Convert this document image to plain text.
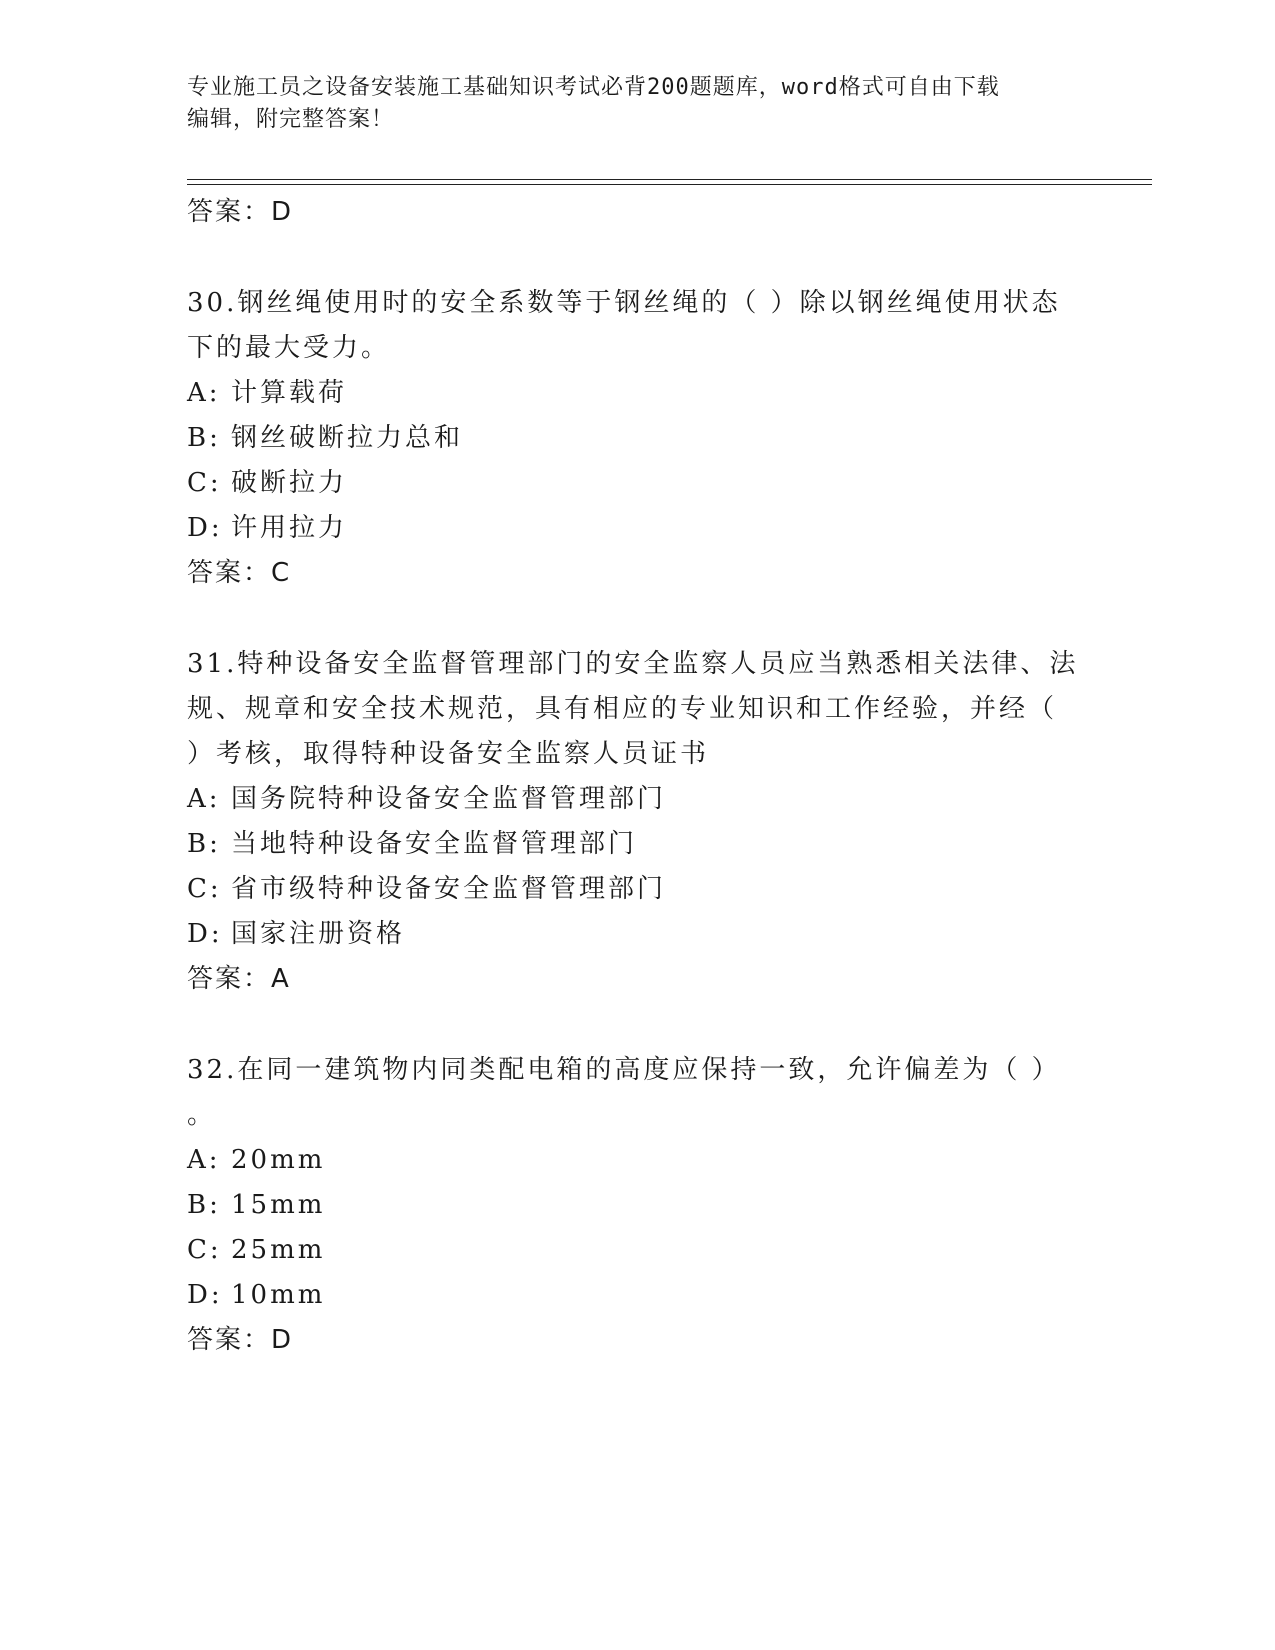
专业施工员之设备安装施工基础知识考试必背200题题库，word格式可自由下载
编辑，附完整答案！
答案：D
30.钢丝绳使用时的安全系数等于钢丝绳的（ ）除以钢丝绳使用状态
下的最大受力。
A: 计算载荷
B: 钢丝破断拉力总和
C: 破断拉力
D: 许用拉力
答案：C
31.特种设备安全监督管理部门的安全监察人员应当熟悉相关法律、法
规、规章和安全技术规范，具有相应的专业知识和工作经验，并经（
）考核，取得特种设备安全监察人员证书
A: 国务院特种设备安全监督管理部门
B: 当地特种设备安全监督管理部门
C: 省市级特种设备安全监督管理部门
D: 国家注册资格
答案：A
32.在同一建筑物内同类配电箱的高度应保持一致，允许偏差为（ ）
。
A: 20mm
B: 15mm
C: 25mm
D: 10mm
答案：D
